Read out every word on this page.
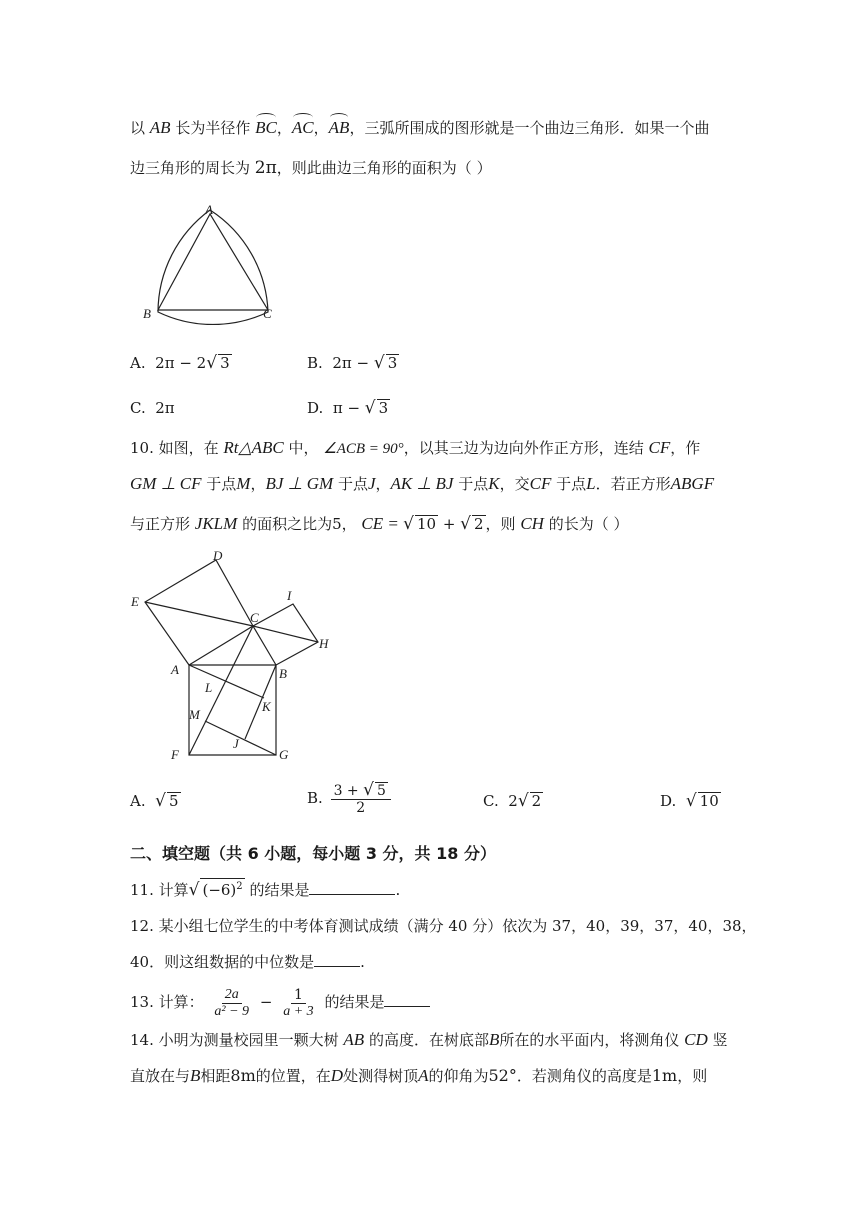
以 AB 长为半径作 BC，AC，AB，三弧所围成的图形就是一个曲边三角形．如果一个曲
边三角形的周长为 2π，则此曲边三角形的面积为（ ）
A
B	C
A. 2π − 2√ 3	B. 2π − √ 3
C. 2π	D. π − √ 3
10. 如图，在 Rt△ABC 中， ∠ACB = 90°，以其三边为边向外作正方形，连结 CF，作
GM ⊥ CF 于点M，BJ ⊥ GM 于点J，AK ⊥ BJ 于点K，交CF 于点L．若正方形ABGF
与正方形 JKLM 的面积之比为5， CE = √ 10 + √ 2 ，则 CH 的长为（ ）
D
E
C
I
H
A	B
L
K
M
F
J
G
A. √ 5	B. $\frac{3 + √ 5}{2}$	C. 2√ 2	D. √ 10
二、填空题（共 6 小题，每小题 3 分，共 18 分）
11. 计算√ $(-6)^2$ 的结果是	.
12. 某小组七位学生的中考体育测试成绩（满分 40 分）依次为 37，40，39，37，40，38，
40．则这组数据的中位数是	.
13. 计算： $\frac{2a}{\text{a² − 9}} - \frac{1}{a + 3}$ 的结果是
14. 小明为测量校园里一颗大树 AB 的高度．在树底部B所在的水平面内，将测角仪 CD 竖
直放在与B相距8m的位置，在D处测得树顶A的仰角为52°．若测角仪的高度是1m，则
